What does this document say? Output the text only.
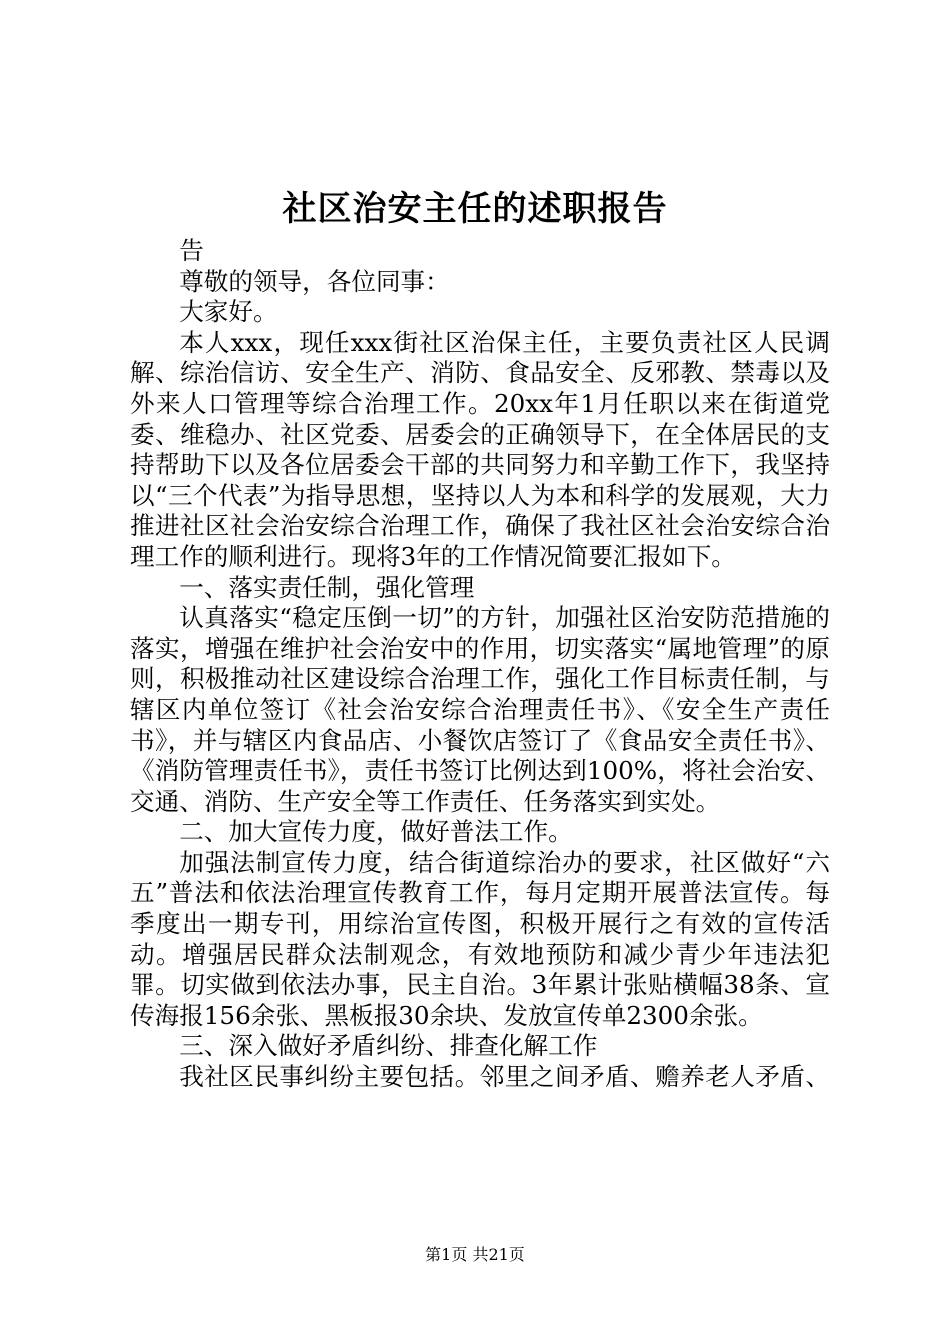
社区治安主任的述职报告

告

尊敬的领导，各位同事：

大家好。

本人xxx，现任xxx街社区治保主任，主要负责社区人民调解、综治信访、安全生产、消防、食品安全、反邪教、禁毒以及外来人口管理等综合治理工作。20xx年1月任职以来在街道党委、维稳办、社区党委、居委会的正确领导下，在全体居民的支持帮助下以及各位居委会干部的共同努力和辛勤工作下，我坚持以“三个代表”为指导思想，坚持以人为本和科学的发展观，大力推进社区社会治安综合治理工作，确保了我社区社会治安综合治理工作的顺利进行。现将3年的工作情况简要汇报如下。

一、落实责任制，强化管理

认真落实“稳定压倒一切”的方针，加强社区治安防范措施的落实，增强在维护社会治安中的作用，切实落实“属地管理”的原则，积极推动社区建设综合治理工作，强化工作目标责任制，与辖区内单位签订《社会治安综合治理责任书》、《安全生产责任书》，并与辖区内食品店、小餐饮店签订了《食品安全责任书》、《消防管理责任书》，责任书签订比例达到100%，将社会治安、交通、消防、生产安全等工作责任、任务落实到实处。

二、加大宣传力度，做好普法工作。

加强法制宣传力度，结合街道综治办的要求，社区做好“六五”普法和依法治理宣传教育工作，每月定期开展普法宣传。每季度出一期专刊，用综治宣传图，积极开展行之有效的宣传活动。增强居民群众法制观念，有效地预防和减少青少年违法犯罪。切实做到依法办事，民主自治。3年累计张贴横幅38条、宣传海报156余张、黑板报30余块、发放宣传单2300余张。

三、深入做好矛盾纠纷、排查化解工作

我社区民事纠纷主要包括。邻里之间矛盾、赡养老人矛盾、

第1页 共21页
